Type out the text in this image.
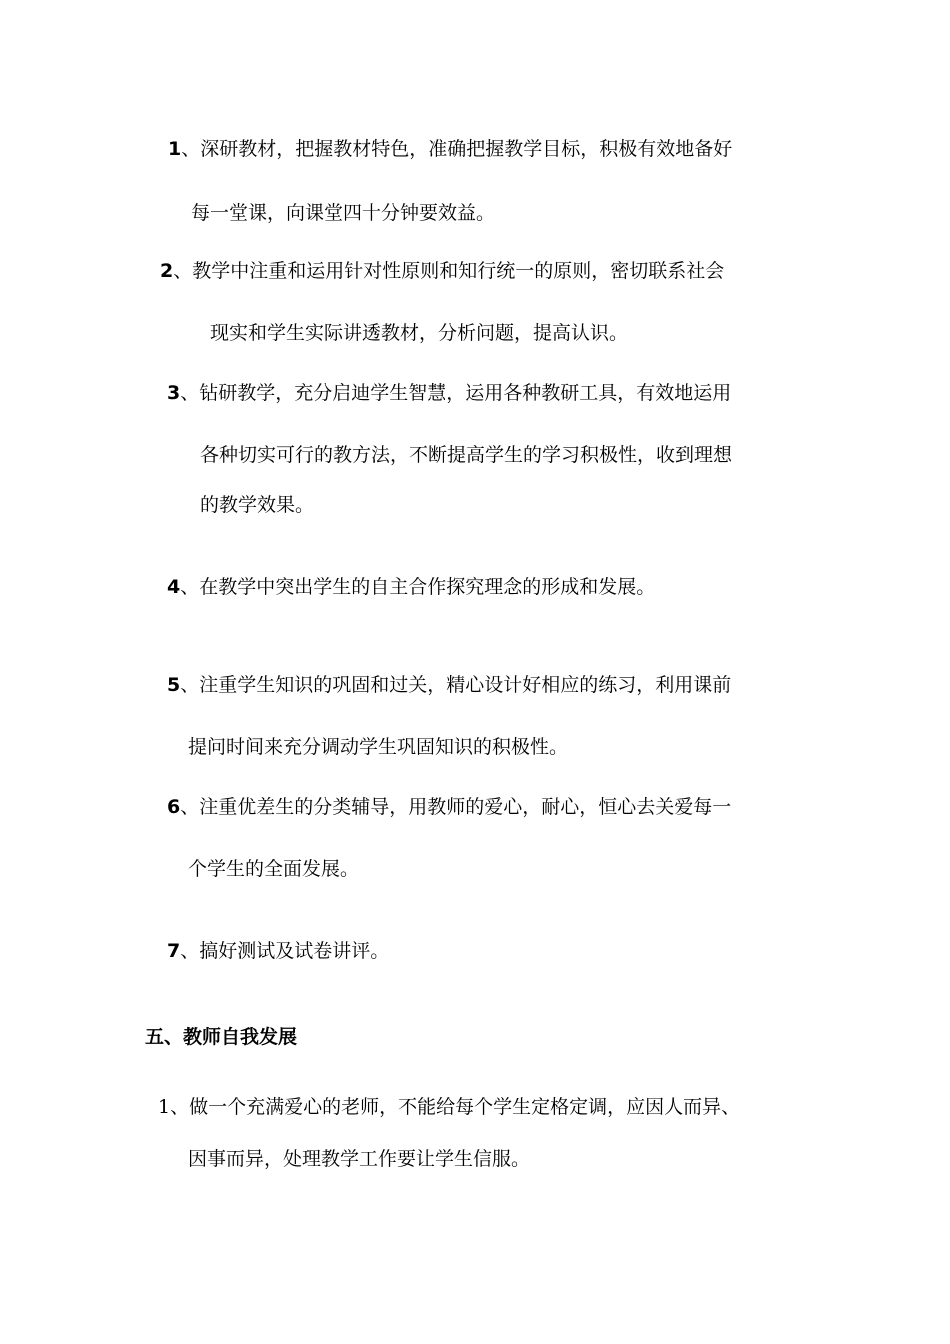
1、深研教材，把握教材特色，准确把握教学目标，积极有效地备好
每一堂课，向课堂四十分钟要效益。
2、教学中注重和运用针对性原则和知行统一的原则，密切联系社会
现实和学生实际讲透教材，分析问题，提高认识。
3、钻研教学，充分启迪学生智慧，运用各种教研工具，有效地运用
各种切实可行的教方法，不断提高学生的学习积极性，收到理想
的教学效果。
4、在教学中突出学生的自主合作探究理念的形成和发展。
5、注重学生知识的巩固和过关，精心设计好相应的练习，利用课前
提问时间来充分调动学生巩固知识的积极性。
6、注重优差生的分类辅导，用教师的爱心，耐心，恒心去关爱每一
个学生的全面发展。
7、搞好测试及试卷讲评。
五、教师自我发展
1、做一个充满爱心的老师，不能给每个学生定格定调，应因人而异、
因事而异，处理教学工作要让学生信服。
